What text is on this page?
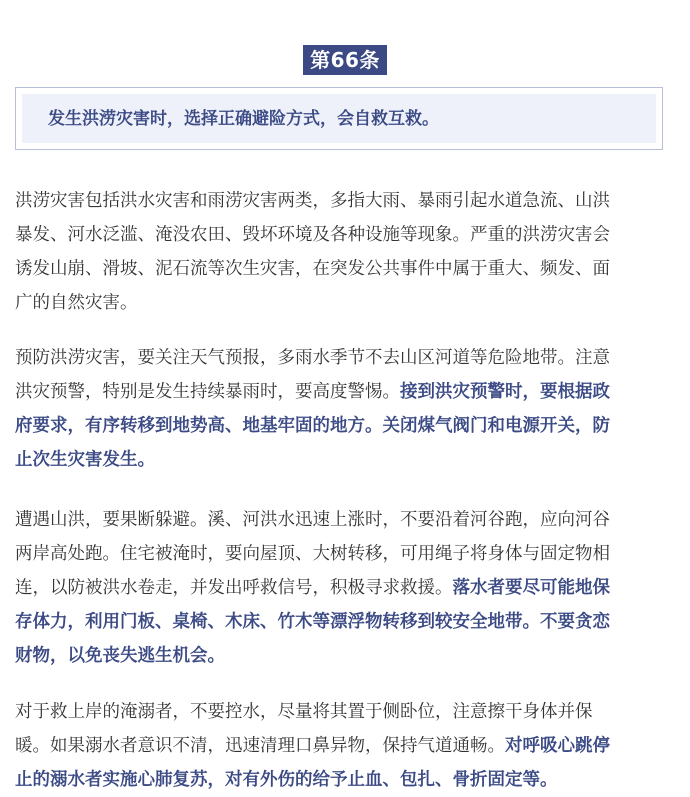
第66条
发生洪涝灾害时，选择正确避险方式，会自救互救。
洪涝灾害包括洪水灾害和雨涝灾害两类，多指大雨、暴雨引起水道急流、山洪
暴发、河水泛滥、淹没农田、毁坏环境及各种设施等现象。严重的洪涝灾害会
诱发山崩、滑坡、泥石流等次生灾害，在突发公共事件中属于重大、频发、面
广的自然灾害。
预防洪涝灾害，要关注天气预报，多雨水季节不去山区河道等危险地带。注意
洪灾预警，特别是发生持续暴雨时，要高度警惕。接到洪灾预警时，要根据政
府要求，有序转移到地势高、地基牢固的地方。关闭煤气阀门和电源开关，防
止次生灾害发生。
遭遇山洪，要果断躲避。溪、河洪水迅速上涨时，不要沿着河谷跑，应向河谷
两岸高处跑。住宅被淹时，要向屋顶、大树转移，可用绳子将身体与固定物相
连，以防被洪水卷走，并发出呼救信号，积极寻求救援。落水者要尽可能地保
存体力，利用门板、桌椅、木床、竹木等漂浮物转移到较安全地带。不要贪恋
财物，以免丧失逃生机会。
对于救上岸的淹溺者，不要控水，尽量将其置于侧卧位，注意擦干身体并保
暖。如果溺水者意识不清，迅速清理口鼻异物，保持气道通畅。对呼吸心跳停
止的溺水者实施心肺复苏，对有外伤的给予止血、包扎、骨折固定等。
